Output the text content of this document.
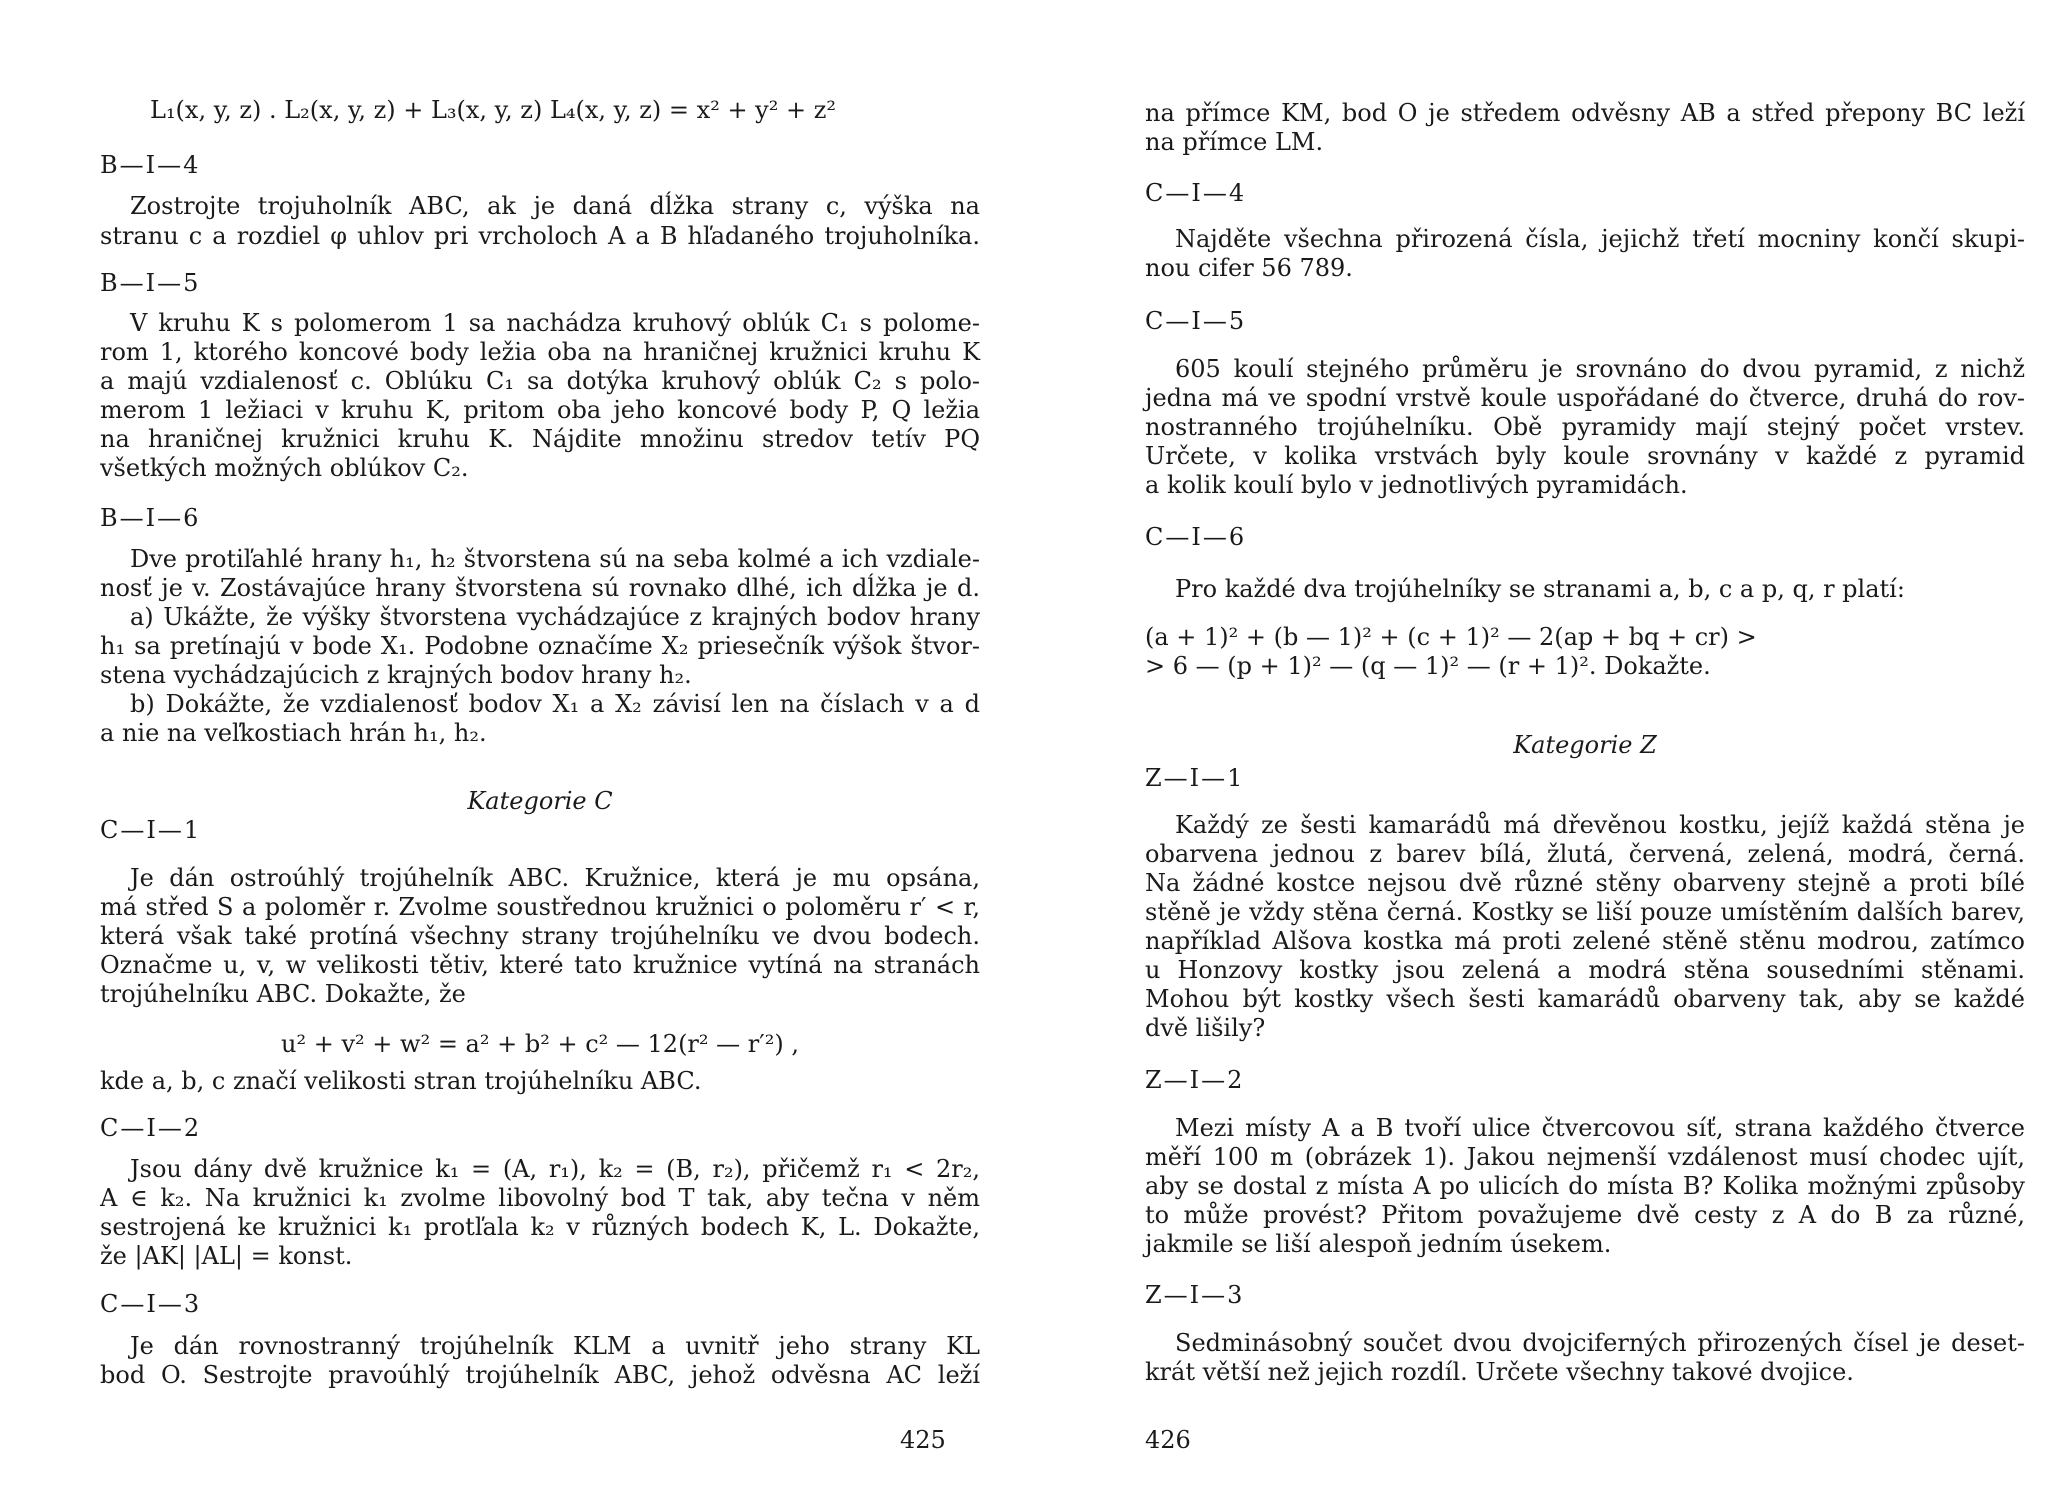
L₁(x, y, z) . L₂(x, y, z) + L₃(x, y, z) L₄(x, y, z) = x² + y² + z²
B—I—4
Zostrojte trojuholník ABC, ak je daná dĺžka strany c, výška na
stranu c a rozdiel φ uhlov pri vrcholoch A a B hľadaného trojuholníka.
B—I—5
V kruhu K s polomerom 1 sa nachádza kruhový oblúk C₁ s polome-
rom 1, ktorého koncové body ležia oba na hraničnej kružnici kruhu K
a majú vzdialenosť c. Oblúku C₁ sa dotýka kruhový oblúk C₂ s polo-
merom 1 ležiaci v kruhu K, pritom oba jeho koncové body P, Q ležia
na hraničnej kružnici kruhu K. Nájdite množinu stredov tetív PQ
všetkých možných oblúkov C₂.
B—I—6
Dve protiľahlé hrany h₁, h₂ štvorstena sú na seba kolmé a ich vzdiale-
nosť je v. Zostávajúce hrany štvorstena sú rovnako dlhé, ich dĺžka je d.
a) Ukážte, že výšky štvorstena vychádzajúce z krajných bodov hrany
h₁ sa pretínajú v bode X₁. Podobne označíme X₂ priesečník výšok štvor-
stena vychádzajúcich z krajných bodov hrany h₂.
b) Dokážte, že vzdialenosť bodov X₁ a X₂ závisí len na číslach v a d
a nie na veľkostiach hrán h₁, h₂.
Kategorie C
C—I—1
Je dán ostroúhlý trojúhelník ABC. Kružnice, která je mu opsána,
má střed S a poloměr r. Zvolme soustřednou kružnici o poloměru r′ < r,
která však také protíná všechny strany trojúhelníku ve dvou bodech.
Označme u, v, w velikosti tětiv, které tato kružnice vytíná na stranách
trojúhelníku ABC. Dokažte, že
u² + v² + w² = a² + b² + c² — 12(r² — r′²) ,
kde a, b, c značí velikosti stran trojúhelníku ABC.
C—I—2
Jsou dány dvě kružnice k₁ = (A, r₁), k₂ = (B, r₂), přičemž r₁ < 2r₂,
A ∈ k₂. Na kružnici k₁ zvolme libovolný bod T tak, aby tečna v něm
sestrojená ke kružnici k₁ protľala k₂ v různých bodech K, L. Dokažte,
že |AK| |AL| = konst.
C—I—3
Je dán rovnostranný trojúhelník KLM a uvnitř jeho strany KL
bod O. Sestrojte pravoúhlý trojúhelník ABC, jehož odvěsna AC leží
425
na přímce KM, bod O je středem odvěsny AB a střed přepony BC leží
na přímce LM.
C—I—4
Najděte všechna přirozená čísla, jejichž třetí mocniny končí skupi-
nou cifer 56 789.
C—I—5
605 koulí stejného průměru je srovnáno do dvou pyramid, z nichž
jedna má ve spodní vrstvě koule uspořádané do čtverce, druhá do rov-
nostranného trojúhelníku. Obě pyramidy mají stejný počet vrstev.
Určete, v kolika vrstvách byly koule srovnány v každé z pyramid
a kolik koulí bylo v jednotlivých pyramidách.
C—I—6
Pro každé dva trojúhelníky se stranami a, b, c a p, q, r platí:
(a + 1)² + (b — 1)² + (c + 1)² — 2(ap + bq + cr) >
> 6 — (p + 1)² — (q — 1)² — (r + 1)². Dokažte.
Kategorie Z
Z—I—1
Každý ze šesti kamarádů má dřevěnou kostku, jejíž každá stěna je
obarvena jednou z barev bílá, žlutá, červená, zelená, modrá, černá.
Na žádné kostce nejsou dvě různé stěny obarveny stejně a proti bílé
stěně je vždy stěna černá. Kostky se liší pouze umístěním dalších barev,
například Alšova kostka má proti zelené stěně stěnu modrou, zatímco
u Honzovy kostky jsou zelená a modrá stěna sousedními stěnami.
Mohou být kostky všech šesti kamarádů obarveny tak, aby se každé
dvě lišily?
Z—I—2
Mezi místy A a B tvoří ulice čtvercovou síť, strana každého čtverce
měří 100 m (obrázek 1). Jakou nejmenší vzdálenost musí chodec ujít,
aby se dostal z místa A po ulicích do místa B? Kolika možnými způsoby
to může provést? Přitom považujeme dvě cesty z A do B za různé,
jakmile se liší alespoň jedním úsekem.
Z—I—3
Sedminásobný součet dvou dvojciferných přirozených čísel je deset-
krát větší než jejich rozdíl. Určete všechny takové dvojice.
426
